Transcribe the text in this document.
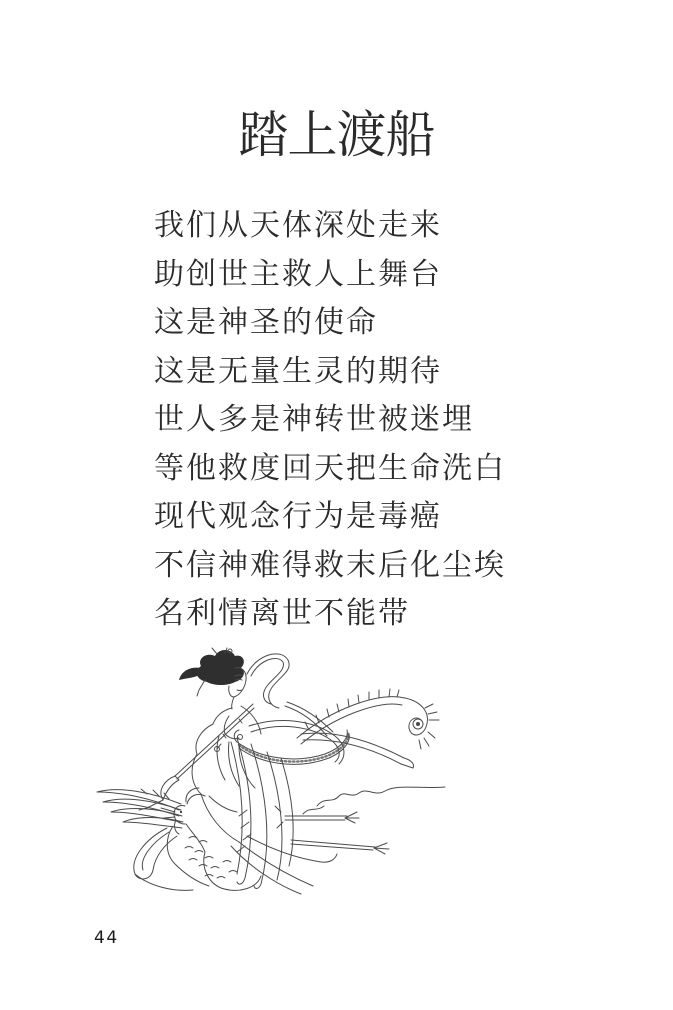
踏上渡船
我们从天体深处走来
助创世主救人上舞台
这是神圣的使命
这是无量生灵的期待
世人多是神转世被迷埋
等他救度回天把生命洗白
现代观念行为是毒癌
不信神难得救末后化尘埃
名利情离世不能带
44
